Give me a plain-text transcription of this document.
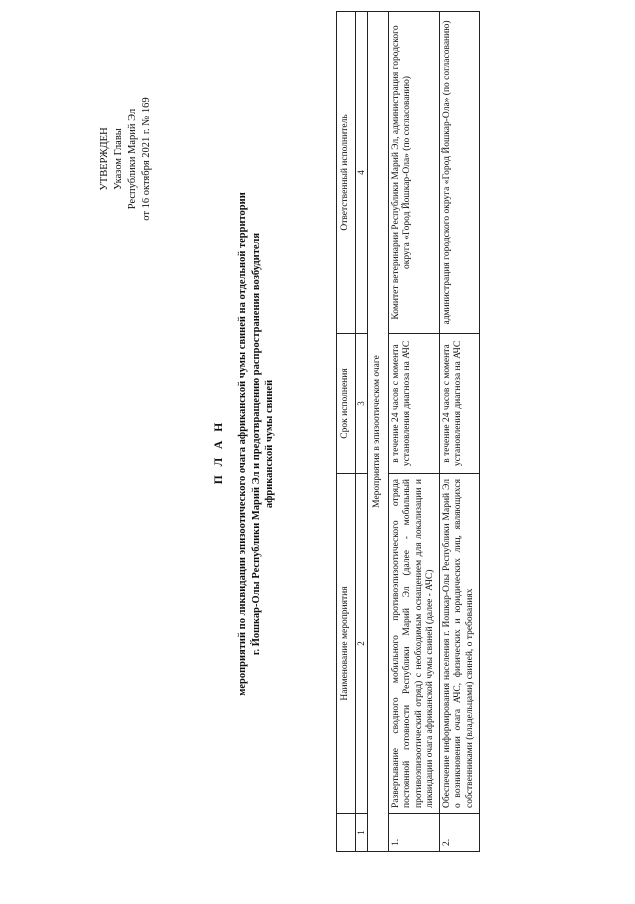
УТВЕРЖДЕН Указом Главы Республики Марий Эл от 16 октября 2021 г. № 169
П Л А Н мероприятий по ликвидации эпизоотического очага африканской чумы свиней на отдельной территории г. Йошкар-Олы Республики Марий Эл и предотвращению распространения возбудителя африканской чумы свиней
	Наименование мероприятия	Срок исполнения	Ответственный исполнитель
1	2	3	4
Мероприятия в эпизоотическом очаге			
1.	Развертывание сводного мобильного противоэпизоотического отряда постоянной готовности Республики Марий Эл (далее - мобильный противоэпизоотический отряд) с необходимым оснащением для локализации и ликвидации очага африканской чумы свиней (далее - АЧС)	в течение 24 часов с момента установления диагноза на АЧС	Комитет ветеринарии Республики Марий Эл, администрация городского округа «Город Йошкар-Ола» (по согласованию)
2.	Обеспечение информирования населения г. Йошкар-Олы Республики Марий Эл о возникновении очага АЧС, физических и юридических лиц, являющихся собственниками (владельцами) свиней, о требованиях	в течение 24 часов с момента установления диагноза на АЧС	администрация городского округа «Город Йошкар-Ола» (по согласованию)
